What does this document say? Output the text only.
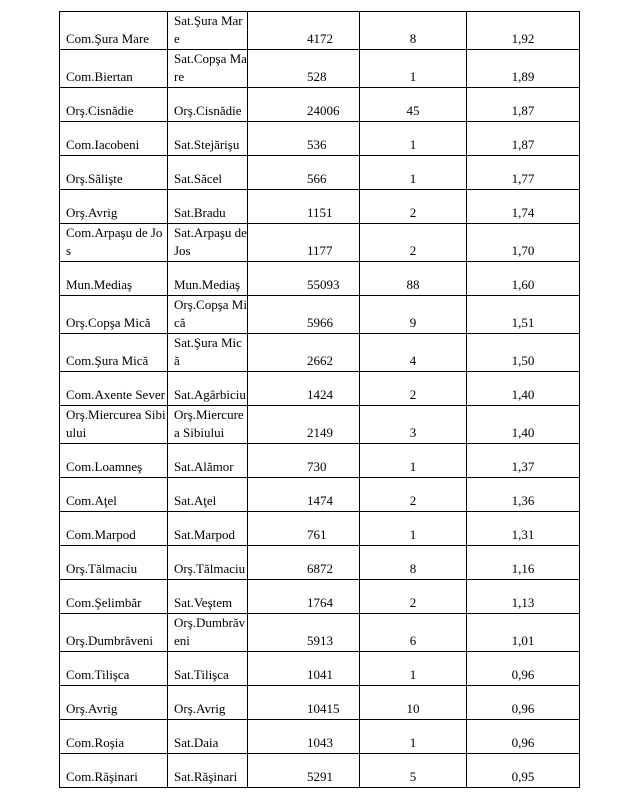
Com.Şura Mare	Sat.Şura Mare	4172	8	1,92

Com.Biertan	Sat.Copşa Mare	528	1	1,89

Orş.Cisnădie	Orş.Cisnădie	24006	45	1,87

Com.Iacobeni	Sat.Stejărişu	536	1	1,87

Orş.Sălişte	Sat.Săcel	566	1	1,77

Orş.Avrig	Sat.Bradu	1151	2	1,74

Com.Arpaşu de Jos	Sat.Arpaşu de Jos	1177	2	1,70

Mun.Mediaş	Mun.Mediaş	55093	88	1,60

Orş.Copşa Mică	Orş.Copşa Mică	5966	9	1,51

Com.Şura Mică	Sat.Şura Mică	2662	4	1,50

Com.Axente Sever	Sat.Agârbiciu	1424	2	1,40

Orş.Miercurea Sibiului	Orş.Miercurea Sibiului	2149	3	1,40

Com.Loamneş	Sat.Alămor	730	1	1,37

Com.Aţel	Sat.Aţel	1474	2	1,36

Com.Marpod	Sat.Marpod	761	1	1,31

Orş.Tălmaciu	Orş.Tălmaciu	6872	8	1,16

Com.Şelimbăr	Sat.Veştem	1764	2	1,13

Orş.Dumbrăveni	Orş.Dumbrăveni	5913	6	1,01

Com.Tilişca	Sat.Tilişca	1041	1	0,96

Orş.Avrig	Orş.Avrig	10415	10	0,96

Com.Roşia	Sat.Daia	1043	1	0,96

Com.Răşinari	Sat.Răşinari	5291	5	0,95
